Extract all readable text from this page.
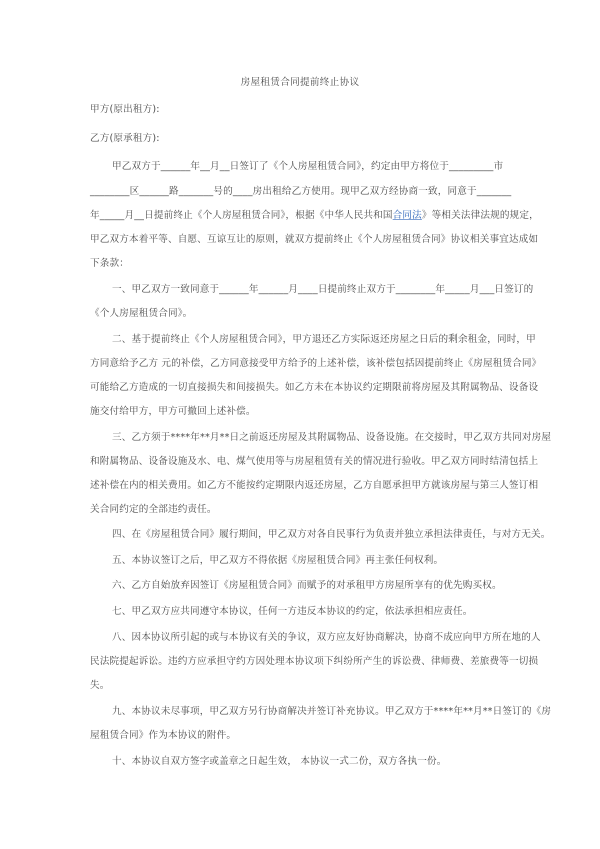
房屋租赁合同提前终止协议
甲方(原出租方):
乙方(原承租方):
甲乙双方于______年__月__日签订了《个人房屋租赁合同》，约定由甲方将位于_________市
________区______路_______号的____房出租给乙方使用。现甲乙双方经协商一致，同意于_______
年_____月__日提前终止《个人房屋租赁合同》，根据《中华人民共和国合同法》等相关法律法规的规定，
甲乙双方本着平等、自愿、互谅互让的原则，就双方提前终止《个人房屋租赁合同》协议相关事宜达成如
下条款：
一、甲乙双方一致同意于______年______月____日提前终止双方于________年_____月___日签订的
《个人房屋租赁合同》。
二、基于提前终止《个人房屋租赁合同》，甲方退还乙方实际返还房屋之日后的剩余租金，同时，甲
方同意给予乙方 元的补偿，乙方同意接受甲方给予的上述补偿，该补偿包括因提前终止《房屋租赁合同》
可能给乙方造成的一切直接损失和间接损失。如乙方未在本协议约定期限前将房屋及其附属物品、设备设
施交付给甲方，甲方可撤回上述补偿。
三、乙方须于****年**月**日之前返还房屋及其附属物品、设备设施。在交接时，甲乙双方共同对房屋
和附属物品、设备设施及水、电、煤气使用等与房屋租赁有关的情况进行验收。甲乙双方同时结清包括上
述补偿在内的相关费用。如乙方不能按约定期限内返还房屋，乙方自愿承担甲方就该房屋与第三人签订相
关合同约定的全部违约责任。
四、在《房屋租赁合同》履行期间，甲乙双方对各自民事行为负责并独立承担法律责任，与对方无关。
五、本协议签订之后，甲乙双方不得依据《房屋租赁合同》再主张任何权利。
六、乙方自始放弃因签订《房屋租赁合同》而赋予的对承租甲方房屋所享有的优先购买权。
七、甲乙双方应共同遵守本协议，任何一方违反本协议的约定，依法承担相应责任。
八、因本协议所引起的或与本协议有关的争议，双方应友好协商解决，协商不成应向甲方所在地的人
民法院提起诉讼。违约方应承担守约方因处理本协议项下纠纷所产生的诉讼费、律师费、差旅费等一切损
失。
九、本协议未尽事项，甲乙双方另行协商解决并签订补充协议。甲乙双方于****年**月**日签订的《房
屋租赁合同》作为本协议的附件。
十、本协议自双方签字或盖章之日起生效， 本协议一式二份，双方各执一份。
